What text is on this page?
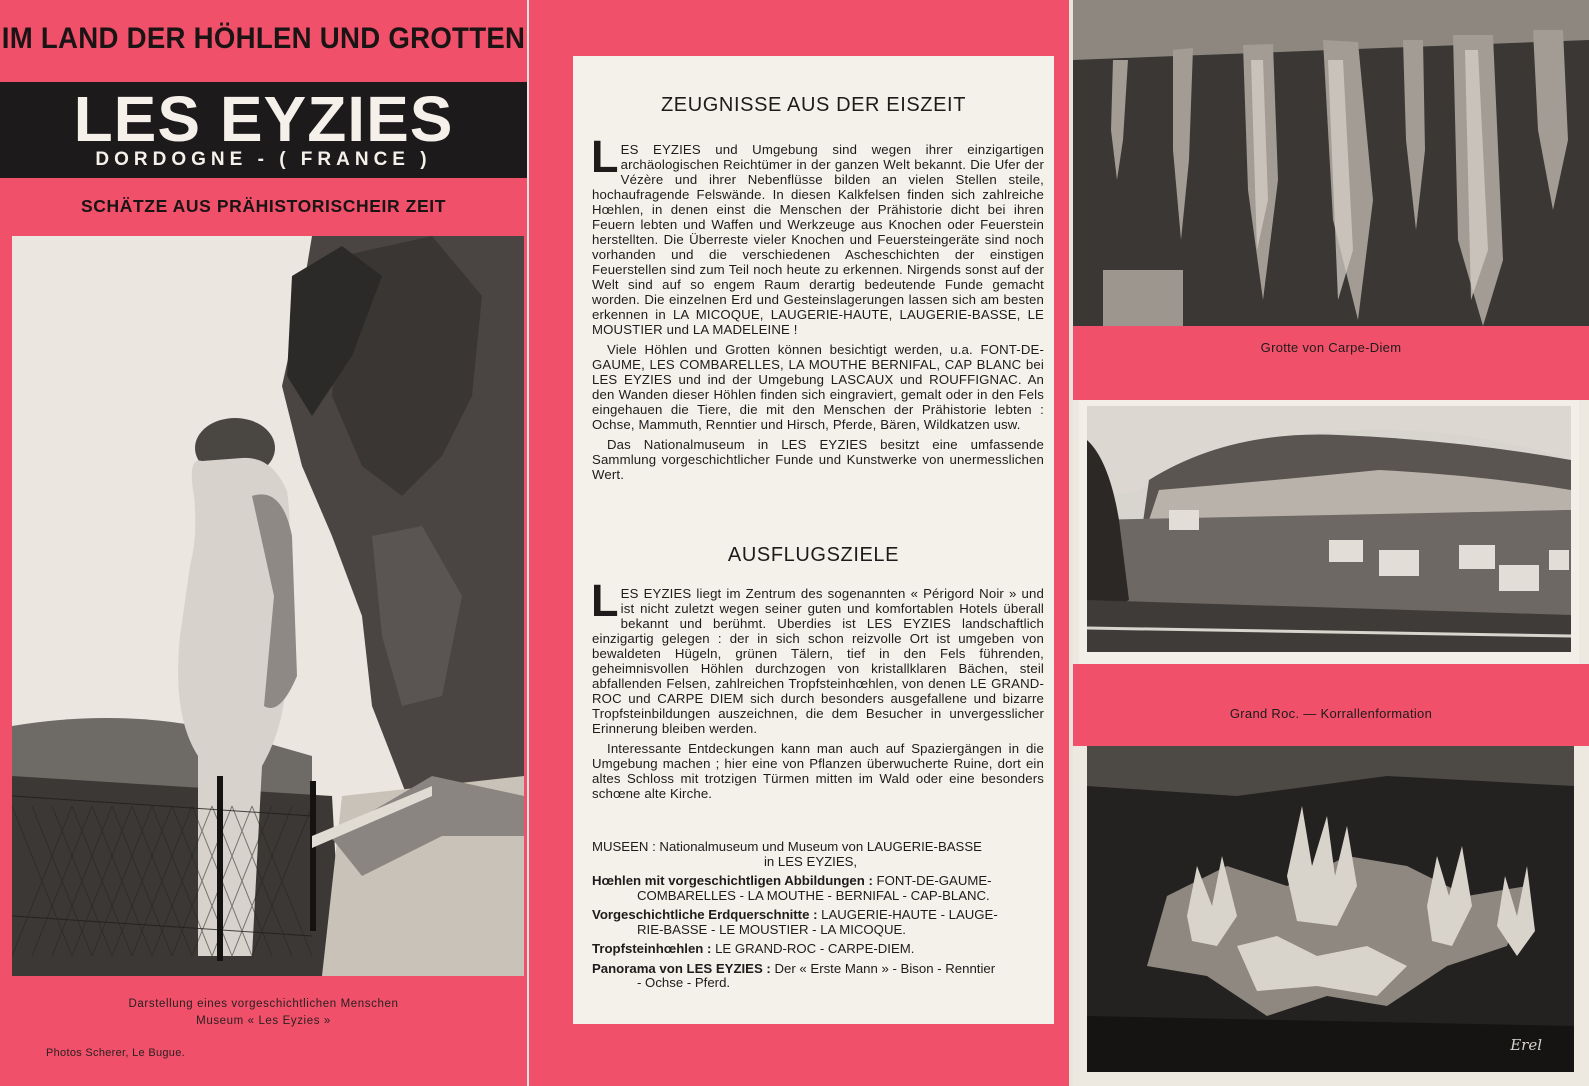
IM LAND DER HÖHLEN UND GROTTEN
LES EYZIES
DORDOGNE - ( FRANCE )
SCHÄTZE AUS PRÄHISTORISCHEIR ZEIT
Darstellung eines vorgeschichtlichen Menschen
Museum « Les Eyzies »
Photos Scherer, Le Bugue.
ZEUGNISSE AUS DER EISZEIT

LES EYZIES und Umgebung sind wegen ihrer einzigartigen archäologischen Reichtümer in der ganzen Welt bekannt. Die Ufer der Vézère und ihrer Nebenflüsse bilden an vielen Stellen steile, hochaufragende Felswände. In diesen Kalkfelsen finden sich zahlreiche Hœhlen, in denen einst die Menschen der Prähistorie dicht bei ihren Feuern lebten und Waffen und Werkzeuge aus Knochen oder Feuerstein herstellten. Die Überreste vieler Knochen und Feuersteingeräte sind noch vorhanden und die verschiedenen Ascheschichten der einstigen Feuerstellen sind zum Teil noch heute zu erkennen. Nirgends sonst auf der Welt sind auf so engem Raum derartig bedeutende Funde gemacht worden. Die einzelnen Erd und Gesteinslagerungen lassen sich am besten erkennen in LA MICOQUE, LAUGERIE-HAUTE, LAUGERIE-BASSE, LE MOUSTIER und LA MADELEINE !

Viele Höhlen und Grotten können besichtigt werden, u.a. FONT-DE-GAUME, LES COMBARELLES, LA MOUTHE BERNIFAL, CAP BLANC bei LES EYZIES und ind der Umgebung LASCAUX und ROUFFIGNAC. An den Wanden dieser Höhlen finden sich eingraviert, gemalt oder in den Fels eingehauen die Tiere, die mit den Menschen der Prähistorie lebten : Ochse, Mammuth, Renntier und Hirsch, Pferde, Bären, Wildkatzen usw.

Das Nationalmuseum in LES EYZIES besitzt eine umfassende Sammlung vorgeschichtlicher Funde und Kunstwerke von unermesslichen Wert.

AUSFLUGSZIELE

LES EYZIES liegt im Zentrum des sogenannten « Périgord Noir » und ist nicht zuletzt wegen seiner guten und komfortablen Hotels überall bekannt und berühmt. Uberdies ist LES EYZIES landschaftlich einzigartig gelegen : der in sich schon reizvolle Ort ist umgeben von bewaldeten Hügeln, grünen Tälern, tief in den Fels führenden, geheimnisvollen Höhlen durchzogen von kristallklaren Bächen, steil abfallenden Felsen, zahlreichen Tropfsteinhœhlen, von denen LE GRAND-ROC und CARPE DIEM sich durch besonders ausgefallene und bizarre Tropfsteinbildungen auszeichnen, die dem Besucher in unvergesslicher Erinnerung bleiben werden.

Interessante Entdeckungen kann man auch auf Spaziergängen in die Umgebung machen ; hier eine von Pflanzen überwucherte Ruine, dort ein altes Schloss mit trotzigen Türmen mitten im Wald oder eine besonders schœne alte Kirche.

MUSEEN : Nationalmuseum und Museum von LAUGERIE-BASSE
in LES EYZIES,
Hœhlen mit vorgeschichtligen Abbildungen : FONT-DE-GAUME-
COMBARELLES - LA MOUTHE - BERNIFAL - CAP-BLANC.
Vorgeschichtliche Erdquerschnitte : LAUGERIE-HAUTE - LAUGE-
RIE-BASSE - LE MOUSTIER - LA MICOQUE.
Tropfsteinhœhlen : LE GRAND-ROC - CARPE-DIEM.
Panorama von LES EYZIES : Der « Erste Mann » - Bison - Renntier
- Ochse - Pferd.
Grotte von Carpe-Diem
Grand Roc. — Korrallenformation
Erel
